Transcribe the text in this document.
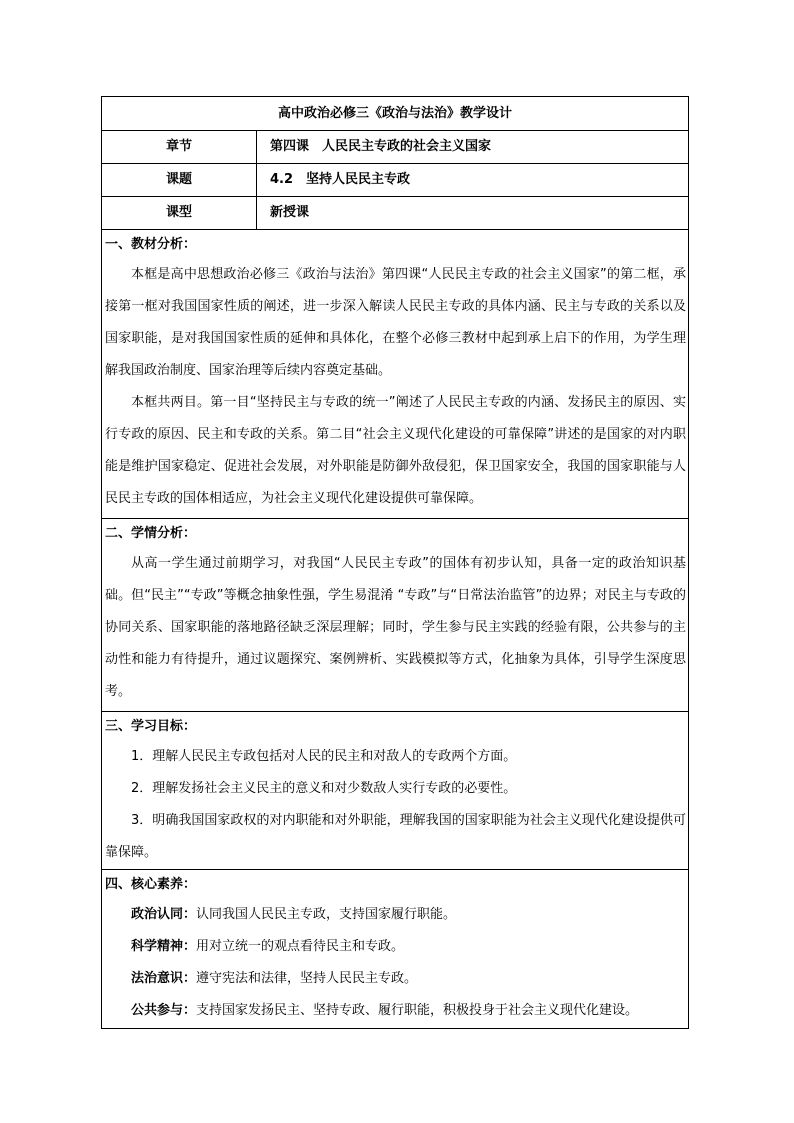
高中政治必修三《政治与法治》教学设计	
章节	第四课　人民民主专政的社会主义国家
课题	4.2　坚持人民民主专政
课型	新授课

一、教材分析：
本框是高中思想政治必修三《政治与法治》第四课“人民民主专政的社会主义国家”的第二框，承接第一框对我国国家性质的阐述，进一步深入解读人民民主专政的具体内涵、民主与专政的关系以及国家职能，是对我国国家性质的延伸和具体化，在整个必修三教材中起到承上启下的作用，为学生理解我国政治制度、国家治理等后续内容奠定基础。
本框共两目。第一目“坚持民主与专政的统一”阐述了人民民主专政的内涵、发扬民主的原因、实行专政的原因、民主和专政的关系。第二目“社会主义现代化建设的可靠保障”讲述的是国家的对内职能是维护国家稳定、促进社会发展，对外职能是防御外敌侵犯，保卫国家安全，我国的国家职能与人民民主专政的国体相适应，为社会主义现代化建设提供可靠保障。	

二、学情分析：
从高一学生通过前期学习，对我国“人民民主专政”的国体有初步认知，具备一定的政治知识基础。但“民主”“专政”等概念抽象性强，学生易混淆 “专政”与“日常法治监管”的边界；对民主与专政的协同关系、国家职能的落地路径缺乏深层理解；同时，学生参与民主实践的经验有限，公共参与的主动性和能力有待提升，通过议题探究、案例辨析、实践模拟等方式，化抽象为具体，引导学生深度思考。	

三、学习目标：
1．理解人民民主专政包括对人民的民主和对敌人的专政两个方面。
2．理解发扬社会主义民主的意义和对少数敌人实行专政的必要性。
3．明确我国国家政权的对内职能和对外职能，理解我国的国家职能为社会主义现代化建设提供可靠保障。	

四、核心素养：
政治认同：认同我国人民民主专政，支持国家履行职能。
科学精神：用对立统一的观点看待民主和专政。
法治意识：遵守宪法和法律，坚持人民民主专政。
公共参与：支持国家发扬民主、坚持专政、履行职能，积极投身于社会主义现代化建设。	
